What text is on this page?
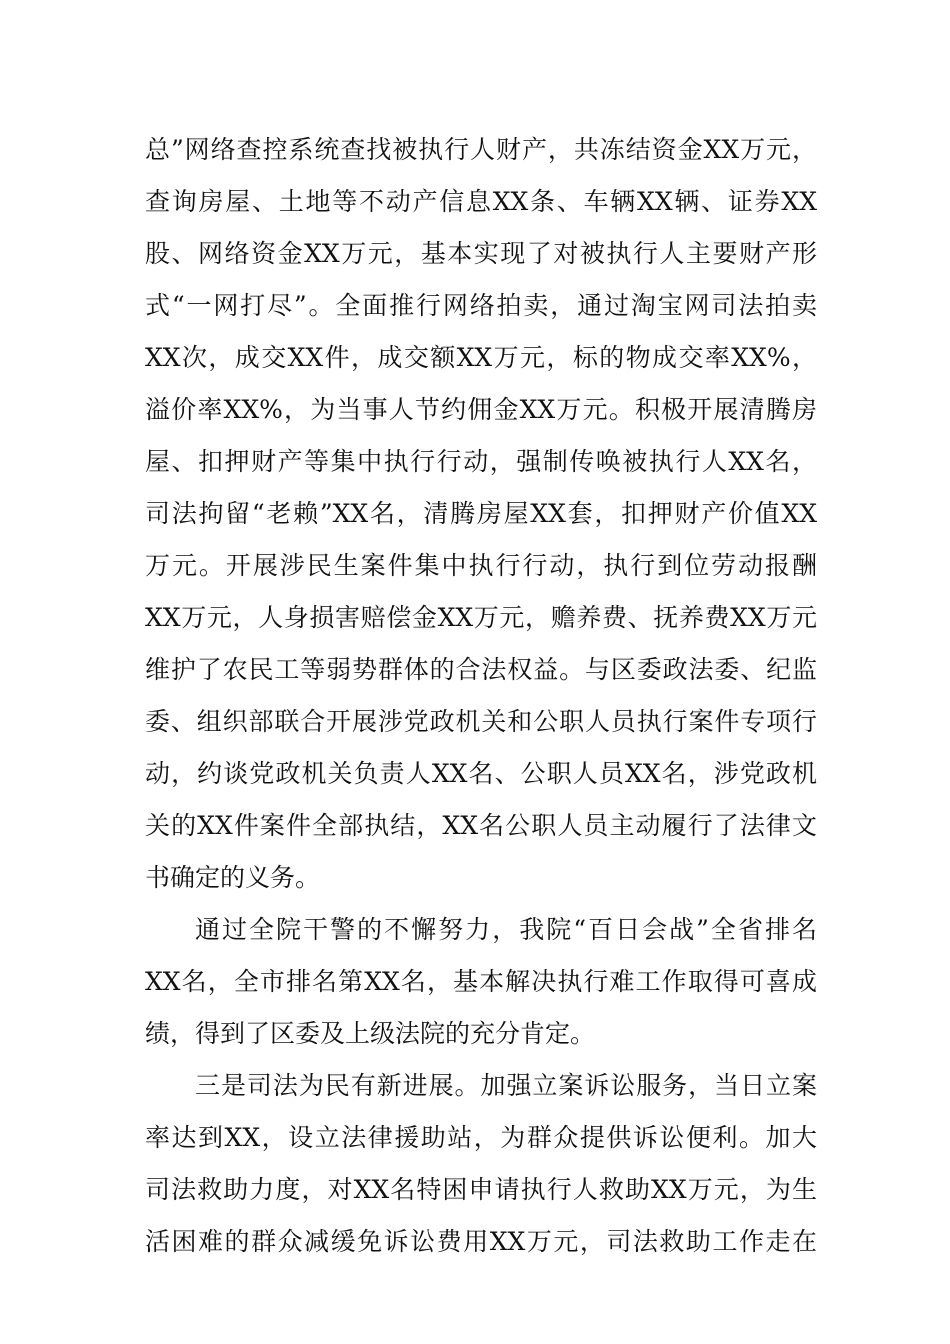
总”网络查控系统查找被执行人财产，共冻结资金XX万元，
查询房屋、土地等不动产信息XX条、车辆XX辆、证券XX
股、网络资金XX万元，基本实现了对被执行人主要财产形
式“一网打尽”。全面推行网络拍卖，通过淘宝网司法拍卖
XX次，成交XX件，成交额XX万元，标的物成交率XX%，
溢价率XX%，为当事人节约佣金XX万元。积极开展清腾房
屋、扣押财产等集中执行行动，强制传唤被执行人XX名，
司法拘留“老赖”XX名，清腾房屋XX套，扣押财产价值XX
万元。开展涉民生案件集中执行行动，执行到位劳动报酬
XX万元，人身损害赔偿金XX万元，赡养费、抚养费XX万元
维护了农民工等弱势群体的合法权益。与区委政法委、纪监
委、组织部联合开展涉党政机关和公职人员执行案件专项行
动，约谈党政机关负责人XX名、公职人员XX名，涉党政机
关的XX件案件全部执结，XX名公职人员主动履行了法律文
书确定的义务。
通过全院干警的不懈努力，我院“百日会战”全省排名
XX名，全市排名第XX名，基本解决执行难工作取得可喜成
绩，得到了区委及上级法院的充分肯定。
三是司法为民有新进展。加强立案诉讼服务，当日立案
率达到XX，设立法律援助站，为群众提供诉讼便利。加大
司法救助力度，对XX名特困申请执行人救助XX万元，为生
活困难的群众减缓免诉讼费用XX万元，司法救助工作走在
